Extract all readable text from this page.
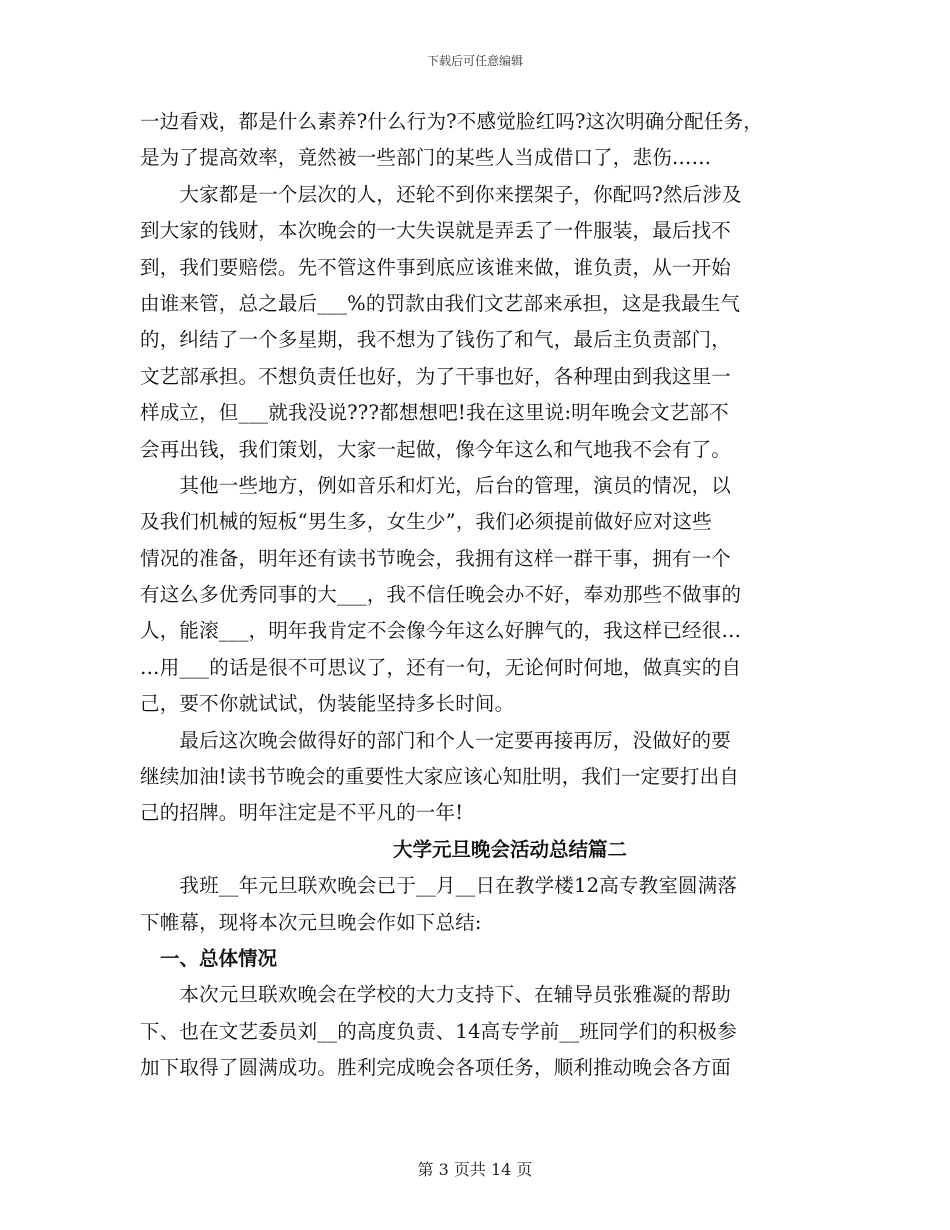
下载后可任意编辑
一边看戏，都是什么素养?什么行为?不感觉脸红吗?这次明确分配任务，
是为了提高效率，竟然被一些部门的某些人当成借口了，悲伤……
　　大家都是一个层次的人，还轮不到你来摆架子，你配吗?然后涉及
到大家的钱财，本次晚会的一大失误就是弄丢了一件服装，最后找不
到，我们要赔偿。先不管这件事到底应该谁来做，谁负责，从一开始
由谁来管，总之最后___%的罚款由我们文艺部来承担，这是我最生气
的，纠结了一个多星期，我不想为了钱伤了和气，最后主负责部门，
文艺部承担。不想负责任也好，为了干事也好，各种理由到我这里一
样成立，但___就我没说???都想想吧!我在这里说:明年晚会文艺部不
会再出钱，我们策划，大家一起做，像今年这么和气地我不会有了。
　　其他一些地方，例如音乐和灯光，后台的管理，演员的情况，以
及我们机械的短板“男生多，女生少”，我们必须提前做好应对这些
情况的准备，明年还有读书节晚会，我拥有这样一群干事，拥有一个
有这么多优秀同事的大___，我不信任晚会办不好，奉劝那些不做事的
人，能滚___，明年我肯定不会像今年这么好脾气的，我这样已经很…
…用___的话是很不可思议了，还有一句，无论何时何地，做真实的自
己，要不你就试试，伪装能坚持多长时间。
　　最后这次晚会做得好的部门和个人一定要再接再厉，没做好的要
继续加油!读书节晚会的重要性大家应该心知肚明，我们一定要打出自
己的招牌。明年注定是不平凡的一年!
大学元旦晚会活动总结篇二
　　我班__年元旦联欢晚会已于__月__日在教学楼12高专教室圆满落
下帷幕，现将本次元旦晚会作如下总结:
一、总体情况
　　本次元旦联欢晚会在学校的大力支持下、在辅导员张雅凝的帮助
下、也在文艺委员刘__的高度负责、14高专学前__班同学们的积极参
加下取得了圆满成功。胜利完成晚会各项任务，顺利推动晚会各方面
第 3 页共 14 页
